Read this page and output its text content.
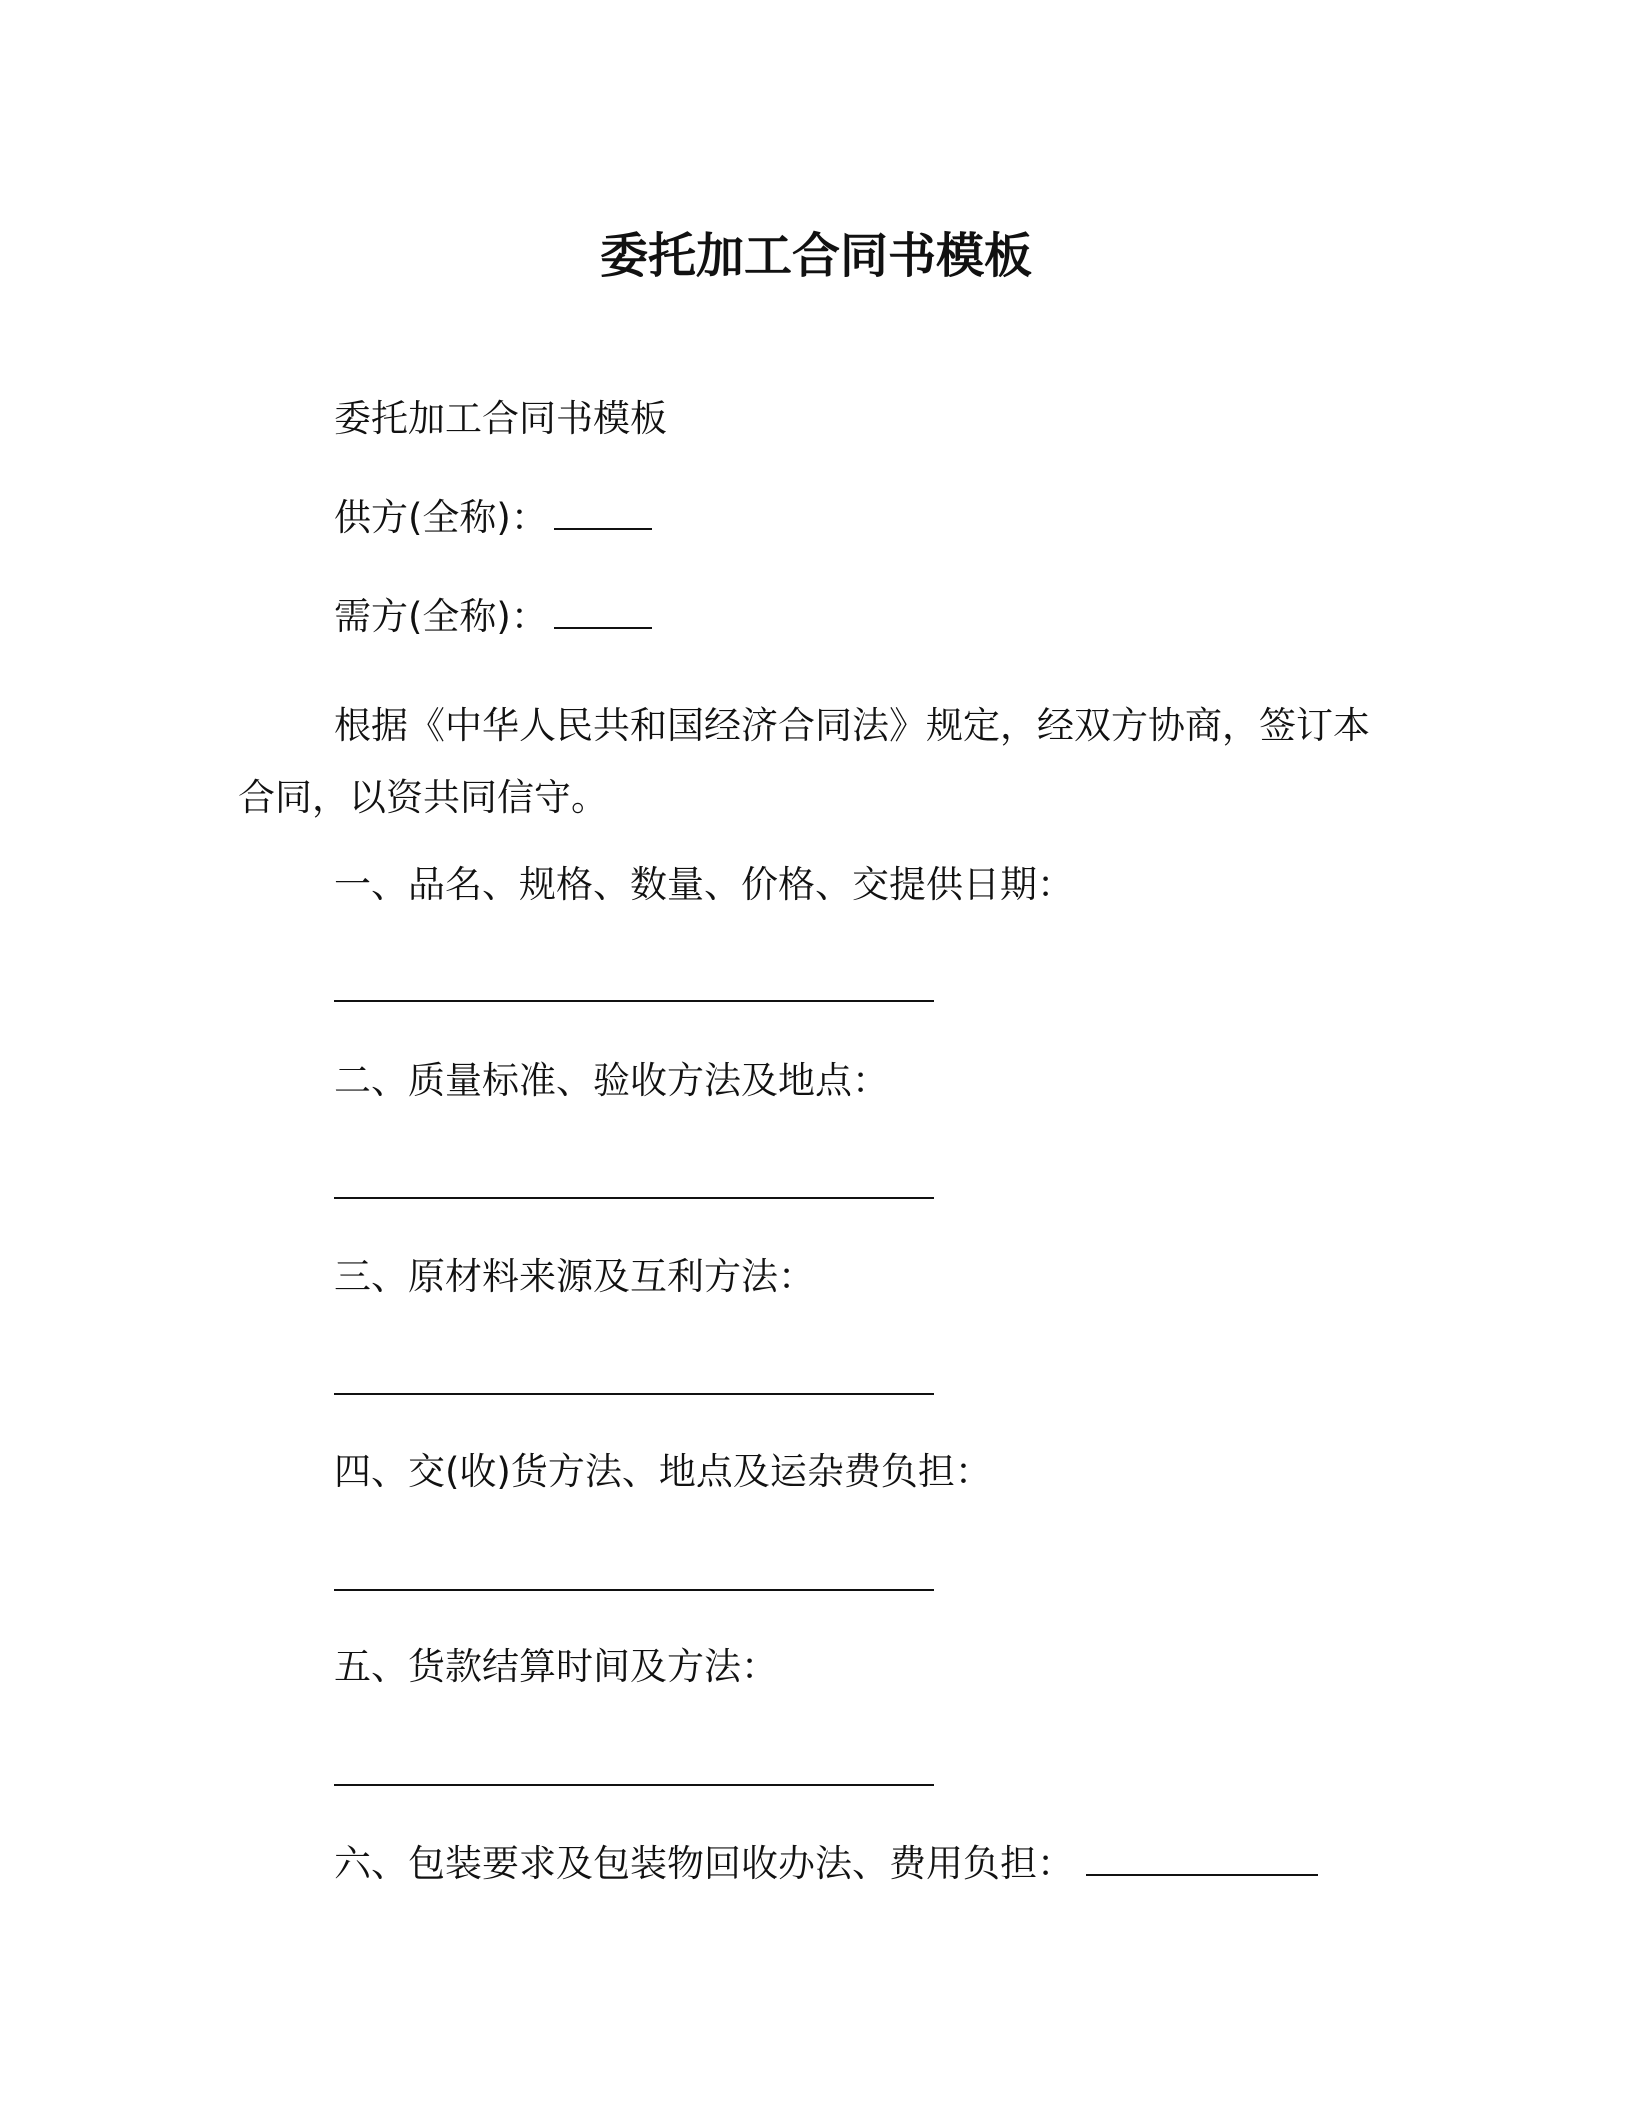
委托加工合同书模板
委托加工合同书模板
供方(全称)：
需方(全称)：
根据《中华人民共和国经济合同法》规定，经双方协商，签订本
合同，以资共同信守。
一、品名、规格、数量、价格、交提供日期：
二、质量标准、验收方法及地点：
三、原材料来源及互利方法：
四、交(收)货方法、地点及运杂费负担：
五、货款结算时间及方法：
六、包装要求及包装物回收办法、费用负担：
